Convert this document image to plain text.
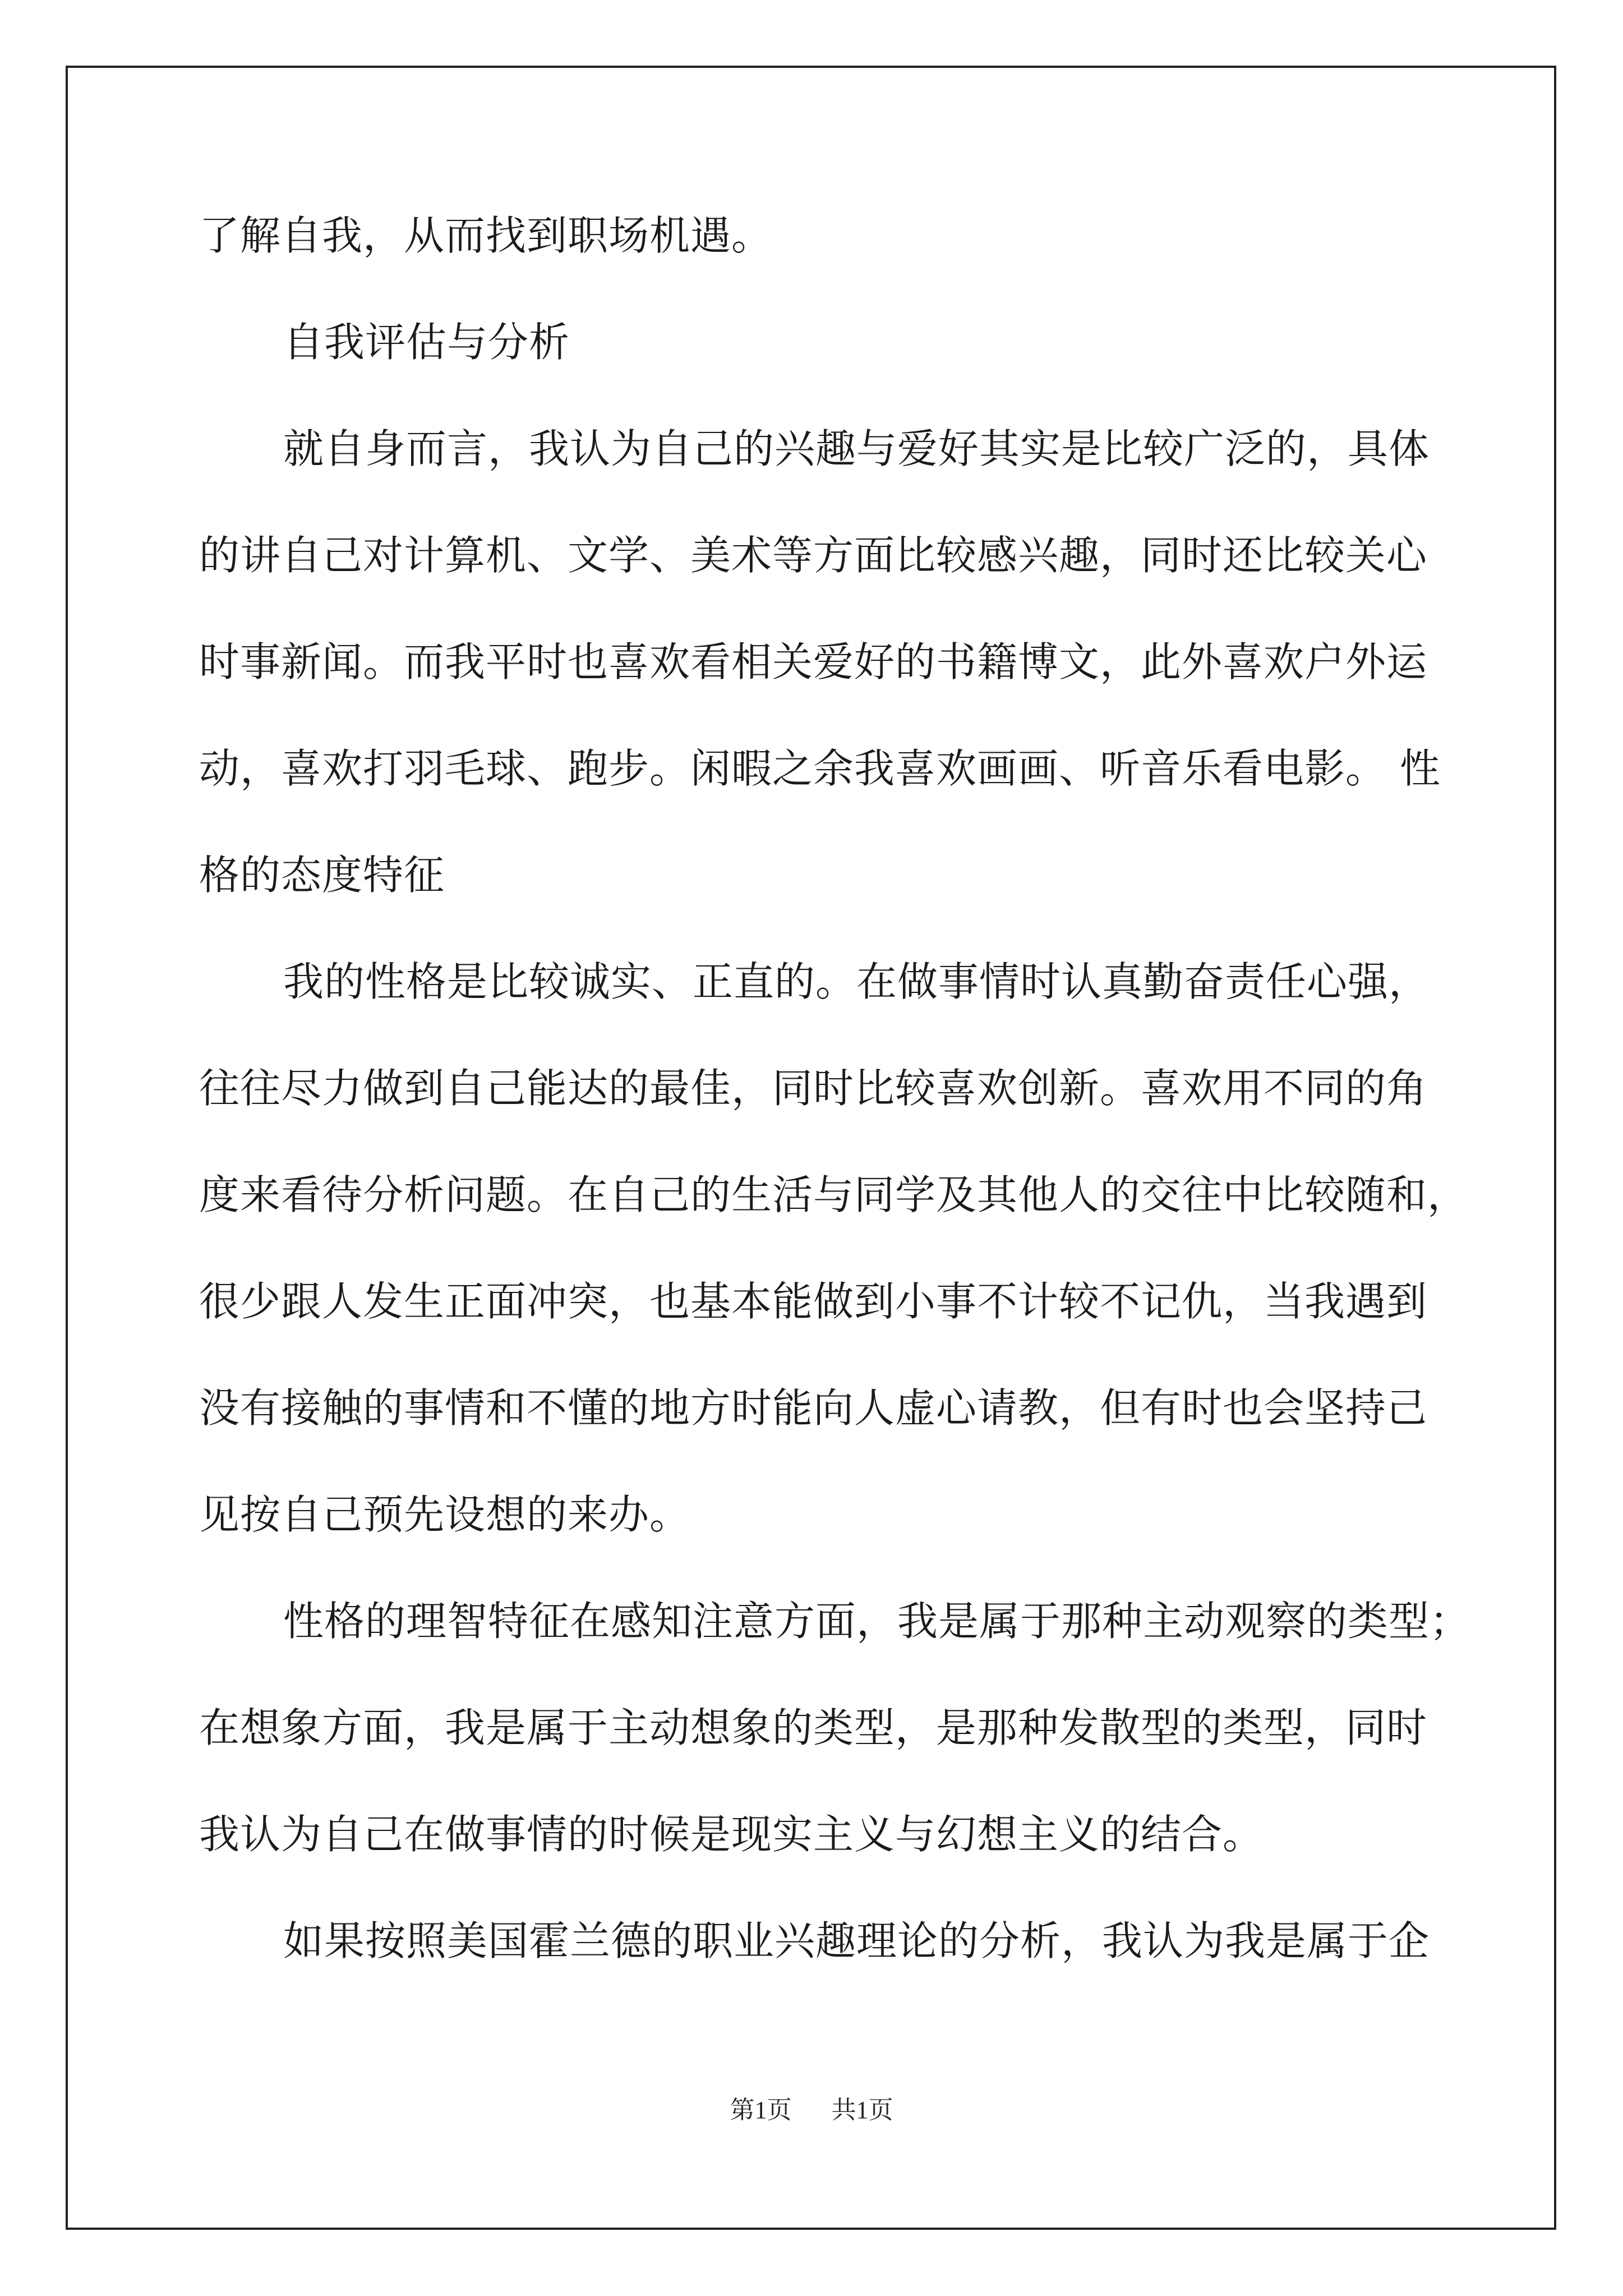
了解自我，从而找到职场机遇。
自我评估与分析
就自身而言，我认为自己的兴趣与爱好其实是比较广泛的，具体
的讲自己对计算机、文学、美术等方面比较感兴趣，同时还比较关心
时事新闻。而我平时也喜欢看相关爱好的书籍博文，此外喜欢户外运
动，喜欢打羽毛球、跑步。闲暇之余我喜欢画画、听音乐看电影。 性
格的态度特征
我的性格是比较诚实、正直的。在做事情时认真勤奋责任心强，
往往尽力做到自己能达的最佳，同时比较喜欢创新。喜欢用不同的角
度来看待分析问题。在自己的生活与同学及其他人的交往中比较随和，
很少跟人发生正面冲突，也基本能做到小事不计较不记仇，当我遇到
没有接触的事情和不懂的地方时能向人虚心请教，但有时也会坚持己
见按自己预先设想的来办。
性格的理智特征在感知注意方面，我是属于那种主动观察的类型；
在想象方面，我是属于主动想象的类型，是那种发散型的类型，同时
我认为自己在做事情的时候是现实主义与幻想主义的结合。
如果按照美国霍兰德的职业兴趣理论的分析，我认为我是属于企
第1页 共1页
